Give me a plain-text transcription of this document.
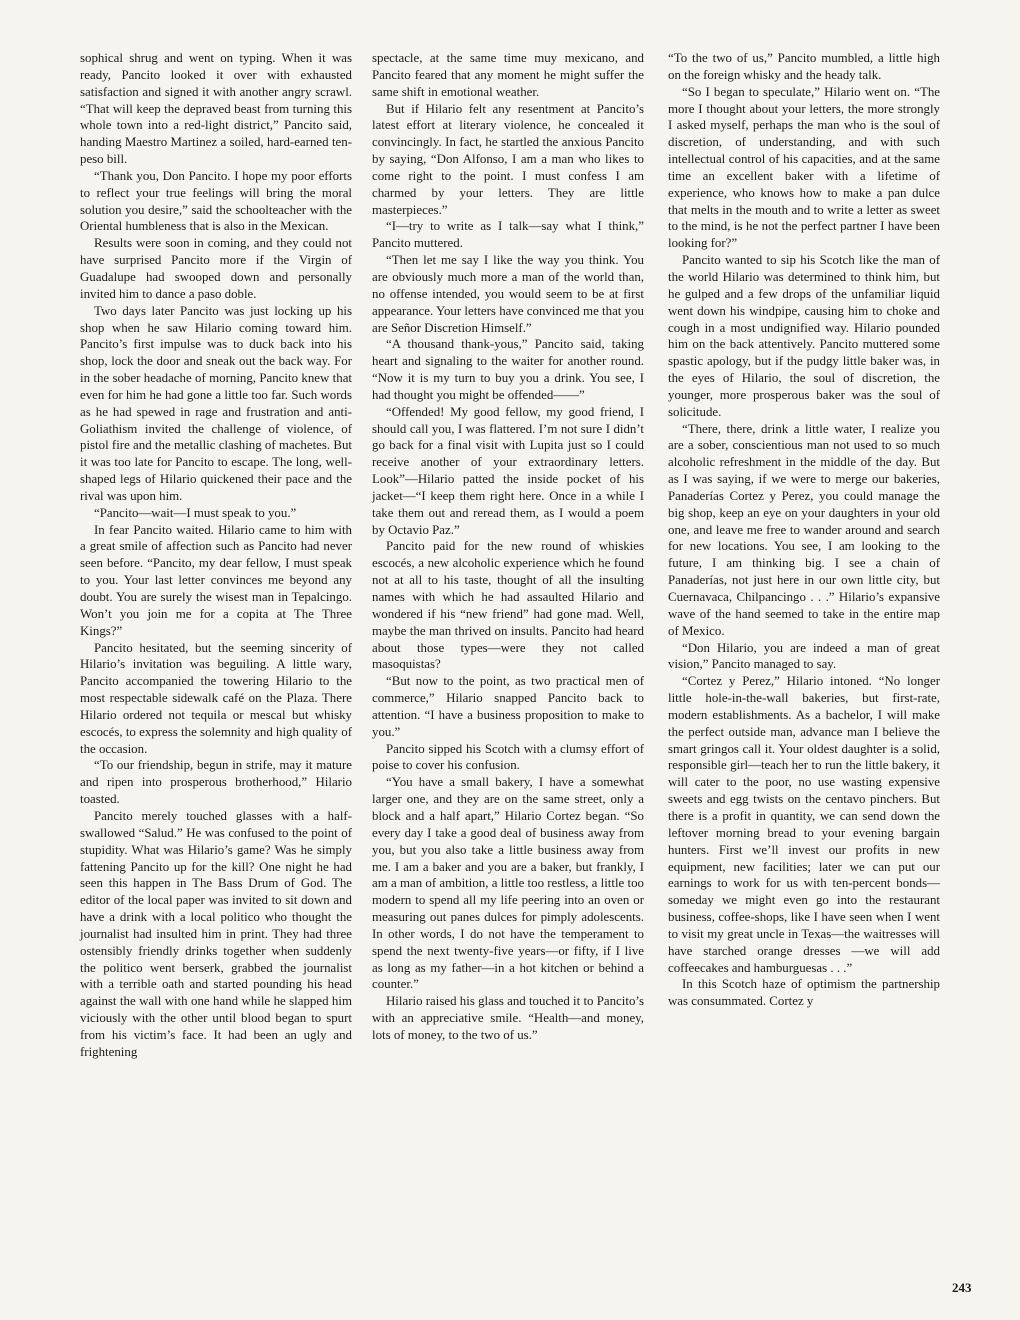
sophical shrug and went on typing. When it was ready, Pancito looked it over with exhausted satisfaction and signed it with another angry scrawl. “That will keep the depraved beast from turning this whole town into a red-light district,” Pancito said, handing Maestro Martinez a soiled, hard-earned ten-peso bill.

“Thank you, Don Pancito. I hope my poor efforts to reflect your true feelings will bring the moral solution you desire,” said the schoolteacher with the Oriental humbleness that is also in the Mexican.

Results were soon in coming, and they could not have surprised Pancito more if the Virgin of Guadalupe had swooped down and personally invited him to dance a paso doble.

Two days later Pancito was just locking up his shop when he saw Hilario coming toward him. Pancito’s first impulse was to duck back into his shop, lock the door and sneak out the back way. For in the sober headache of morning, Pancito knew that even for him he had gone a little too far. Such words as he had spewed in rage and frustration and anti-Goliathism invited the challenge of violence, of pistol fire and the metallic clashing of machetes. But it was too late for Pancito to escape. The long, well-shaped legs of Hilario quickened their pace and the rival was upon him.

“Pancito—wait—I must speak to you.”

In fear Pancito waited. Hilario came to him with a great smile of affection such as Pancito had never seen before. “Pancito, my dear fellow, I must speak to you. Your last letter convinces me beyond any doubt. You are surely the wisest man in Tepalcingo. Won’t you join me for a copita at The Three Kings?”

Pancito hesitated, but the seeming sincerity of Hilario’s invitation was beguiling. A little wary, Pancito accompanied the towering Hilario to the most respectable sidewalk café on the Plaza. There Hilario ordered not tequila or mescal but whisky escocés, to express the solemnity and high quality of the occasion.

“To our friendship, begun in strife, may it mature and ripen into prosperous brotherhood,” Hilario toasted.

Pancito merely touched glasses with a half-swallowed “Salud.” He was confused to the point of stupidity. What was Hilario’s game? Was he simply fattening Pancito up for the kill? One night he had seen this happen in The Bass Drum of God. The editor of the local paper was invited to sit down and have a drink with a local politico who thought the journalist had insulted him in print. They had three ostensibly friendly drinks together when suddenly the politico went berserk, grabbed the journalist with a terrible oath and started pounding his head against the wall with one hand while he slapped him viciously with the other until blood began to spurt from his victim’s face. It had been an ugly and frightening

spectacle, at the same time muy mexicano, and Pancito feared that any moment he might suffer the same shift in emotional weather.

But if Hilario felt any resentment at Pancito’s latest effort at literary violence, he concealed it convincingly. In fact, he startled the anxious Pancito by saying, “Don Alfonso, I am a man who likes to come right to the point. I must confess I am charmed by your letters. They are little masterpieces.”

“I—try to write as I talk—say what I think,” Pancito muttered.

“Then let me say I like the way you think. You are obviously much more a man of the world than, no offense intended, you would seem to be at first appearance. Your letters have convinced me that you are Señor Discretion Himself.”

“A thousand thank-yous,” Pancito said, taking heart and signaling to the waiter for another round. “Now it is my turn to buy you a drink. You see, I had thought you might be offended——”

“Offended! My good fellow, my good friend, I should call you, I was flattered. I’m not sure I didn’t go back for a final visit with Lupita just so I could receive another of your extraordinary letters. Look”—Hilario patted the inside pocket of his jacket—“I keep them right here. Once in a while I take them out and reread them, as I would a poem by Octavio Paz.”

Pancito paid for the new round of whiskies escocés, a new alcoholic experience which he found not at all to his taste, thought of all the insulting names with which he had assaulted Hilario and wondered if his “new friend” had gone mad. Well, maybe the man thrived on insults. Pancito had heard about those types—were they not called masoquistas?

“But now to the point, as two practical men of commerce,” Hilario snapped Pancito back to attention. “I have a business proposition to make to you.”

Pancito sipped his Scotch with a clumsy effort of poise to cover his confusion.

“You have a small bakery, I have a somewhat larger one, and they are on the same street, only a block and a half apart,” Hilario Cortez began. “So every day I take a good deal of business away from you, but you also take a little business away from me. I am a baker and you are a baker, but frankly, I am a man of ambition, a little too restless, a little too modern to spend all my life peering into an oven or measuring out panes dulces for pimply adolescents. In other words, I do not have the temperament to spend the next twenty-five years—or fifty, if I live as long as my father—in a hot kitchen or behind a counter.”

Hilario raised his glass and touched it to Pancito’s with an appreciative smile. “Health—and money, lots of money, to the two of us.”

“To the two of us,” Pancito mumbled, a little high on the foreign whisky and the heady talk.

“So I began to speculate,” Hilario went on. “The more I thought about your letters, the more strongly I asked myself, perhaps the man who is the soul of discretion, of understanding, and with such intellectual control of his capacities, and at the same time an excellent baker with a lifetime of experience, who knows how to make a pan dulce that melts in the mouth and to write a letter as sweet to the mind, is he not the perfect partner I have been looking for?”

Pancito wanted to sip his Scotch like the man of the world Hilario was determined to think him, but he gulped and a few drops of the unfamiliar liquid went down his windpipe, causing him to choke and cough in a most undignified way. Hilario pounded him on the back attentively. Pancito muttered some spastic apology, but if the pudgy little baker was, in the eyes of Hilario, the soul of discretion, the younger, more prosperous baker was the soul of solicitude.

“There, there, drink a little water, I realize you are a sober, conscientious man not used to so much alcoholic refreshment in the middle of the day. But as I was saying, if we were to merge our bakeries, Panaderías Cortez y Perez, you could manage the big shop, keep an eye on your daughters in your old one, and leave me free to wander around and search for new locations. You see, I am looking to the future, I am thinking big. I see a chain of Panaderías, not just here in our own little city, but Cuernavaca, Chilpancingo . . .” Hilario’s expansive wave of the hand seemed to take in the entire map of Mexico.

“Don Hilario, you are indeed a man of great vision,” Pancito managed to say.

“Cortez y Perez,” Hilario intoned. “No longer little hole-in-the-wall bakeries, but first-rate, modern establishments. As a bachelor, I will make the perfect outside man, advance man I believe the smart gringos call it. Your oldest daughter is a solid, responsible girl—teach her to run the little bakery, it will cater to the poor, no use wasting expensive sweets and egg twists on the centavo pinchers. But there is a profit in quantity, we can send down the leftover morning bread to your evening bargain hunters. First we’ll invest our profits in new equipment, new facilities; later we can put our earnings to work for us with ten-percent bonds—someday we might even go into the restaurant business, coffee-shops, like I have seen when I went to visit my great uncle in Texas—the waitresses will have starched orange dresses —we will add coffeecakes and hamburguesas . . .”

In this Scotch haze of optimism the partnership was consummated. Cortez y

243
